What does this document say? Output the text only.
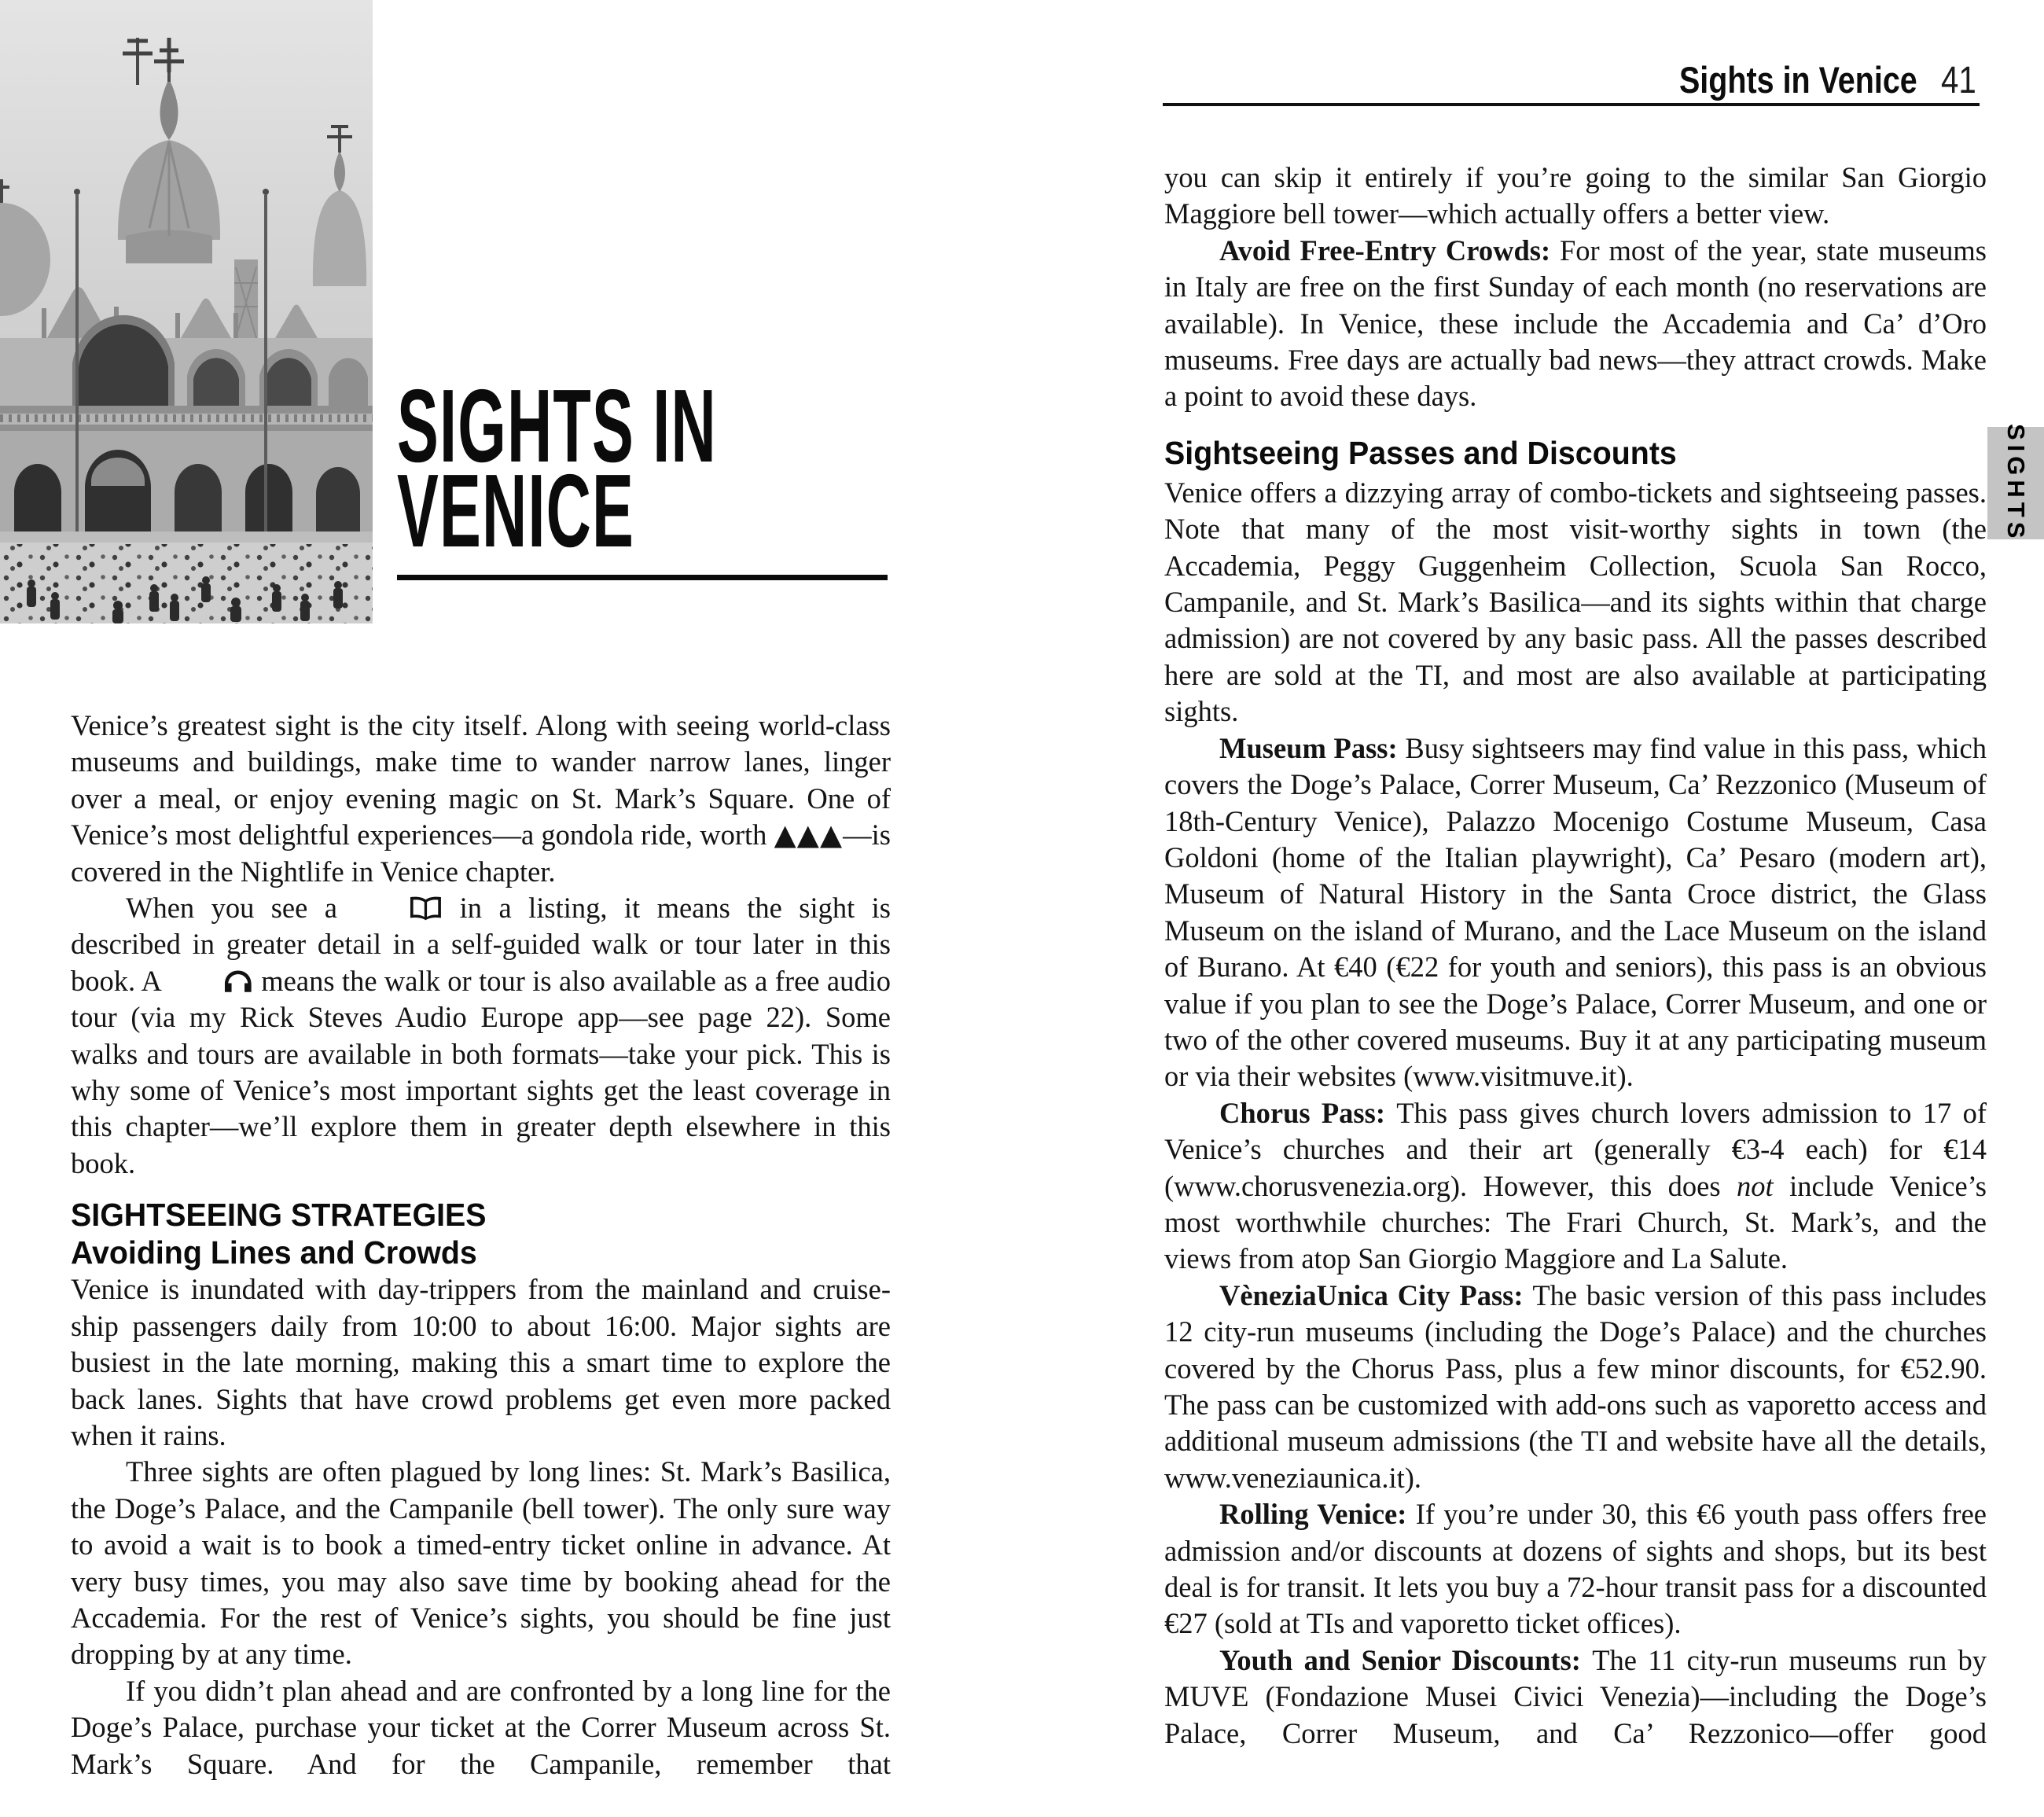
SIGHTS IN
VENICE

Venice’s greatest sight is the city itself. Along with seeing world-class museums and buildings, make time to wander narrow lanes, linger over a meal, or enjoy evening magic on St. Mark’s Square. One of Venice’s most delightful experiences—a gondola ride, worth ▲▲▲—is covered in the Nightlife in Venice chapter.

When you see a	in a listing, it means the sight is described in greater detail in a self-guided walk or tour later in this book. A	means the walk or tour is also available as a free audio tour (via my Rick Steves Audio Europe app—see page 22). Some walks and tours are available in both formats—take your pick. This is why some of Venice’s most important sights get the least coverage in this chapter—we’ll explore them in greater depth elsewhere in this book.

SIGHTSEEING STRATEGIES
Avoiding Lines and Crowds

Venice is inundated with day-trippers from the mainland and cruise-ship passengers daily from 10:00 to about 16:00. Major sights are busiest in the late morning, making this a smart time to explore the back lanes. Sights that have crowd problems get even more packed when it rains.

Three sights are often plagued by long lines: St. Mark’s Basilica, the Doge’s Palace, and the Campanile (bell tower). The only sure way to avoid a wait is to book a timed-entry ticket online in advance. At very busy times, you may also save time by booking ahead for the Accademia. For the rest of Venice’s sights, you should be fine just dropping by at any time.

If you didn’t plan ahead and are confronted by a long line for the Doge’s Palace, purchase your ticket at the Correr Museum across St. Mark’s Square. And for the Campanile, remember that

Sights in Venice 41

you can skip it entirely if you’re going to the similar San Giorgio Maggiore bell tower—which actually offers a better view.

Avoid Free-Entry Crowds: For most of the year, state museums in Italy are free on the first Sunday of each month (no reservations are available). In Venice, these include the Accademia and Ca’ d’Oro museums. Free days are actually bad news—they attract crowds. Make a point to avoid these days.

Sightseeing Passes and Discounts

Venice offers a dizzying array of combo-tickets and sightseeing passes. Note that many of the most visit-worthy sights in town (the Accademia, Peggy Guggenheim Collection, Scuola San Rocco, Campanile, and St. Mark’s Basilica—and its sights within that charge admission) are not covered by any basic pass. All the passes described here are sold at the TI, and most are also available at participating sights.

Museum Pass: Busy sightseers may find value in this pass, which covers the Doge’s Palace, Correr Museum, Ca’ Rezzonico (Museum of 18th-Century Venice), Palazzo Mocenigo Costume Museum, Casa Goldoni (home of the Italian playwright), Ca’ Pesaro (modern art), Museum of Natural History in the Santa Croce district, the Glass Museum on the island of Murano, and the Lace Museum on the island of Burano. At €40 (€22 for youth and seniors), this pass is an obvious value if you plan to see the Doge’s Palace, Correr Museum, and one or two of the other covered museums. Buy it at any participating museum or via their websites (www.visitmuve.it).

Chorus Pass: This pass gives church lovers admission to 17 of Venice’s churches and their art (generally €3-4 each) for €14 (www.chorusvenezia.org). However, this does not include Venice’s most worthwhile churches: The Frari Church, St. Mark’s, and the views from atop San Giorgio Maggiore and La Salute.

VèneziaUnica City Pass: The basic version of this pass includes 12 city-run museums (including the Doge’s Palace) and the churches covered by the Chorus Pass, plus a few minor discounts, for €52.90. The pass can be customized with add-ons such as vaporetto access and additional museum admissions (the TI and website have all the details, www.veneziaunica.it).

Rolling Venice: If you’re under 30, this €6 youth pass offers free admission and/or discounts at dozens of sights and shops, but its best deal is for transit. It lets you buy a 72-hour transit pass for a discounted €27 (sold at TIs and vaporetto ticket offices).

Youth and Senior Discounts: The 11 city-run museums run by MUVE (Fondazione Musei Civici Venezia)—including the Doge’s Palace, Correr Museum, and Ca’ Rezzonico—offer good

SIGHTS
